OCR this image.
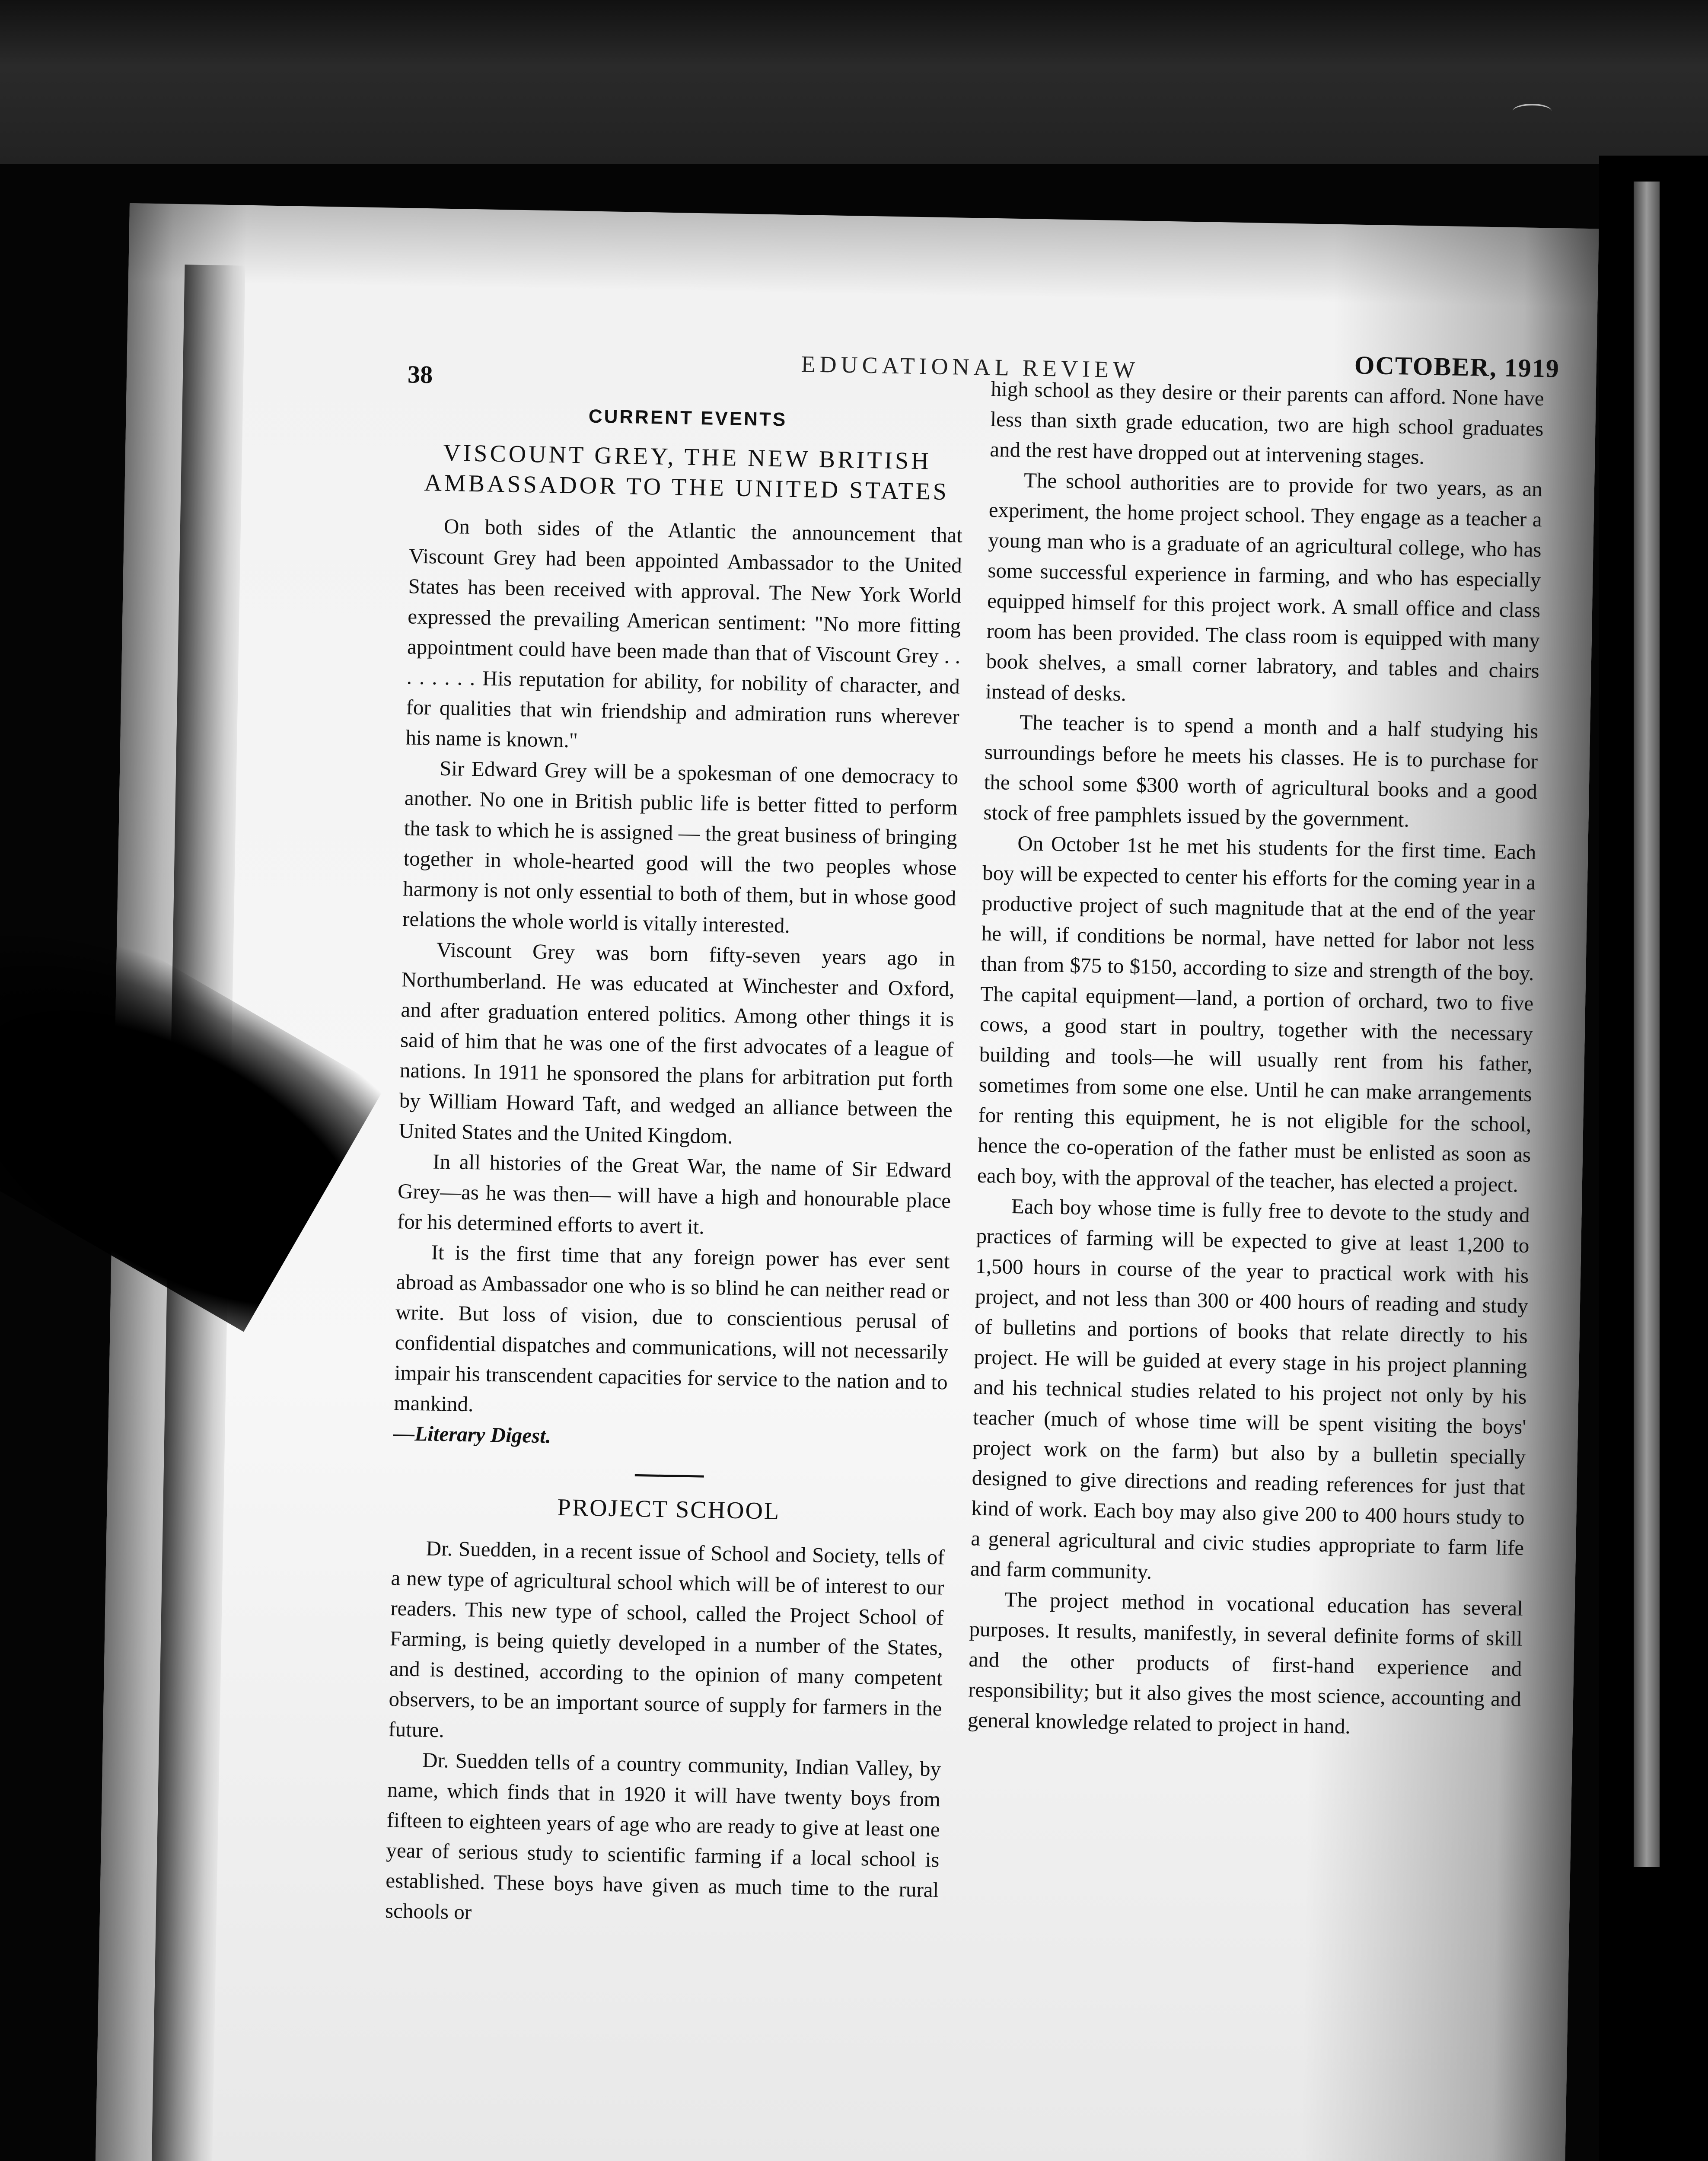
38	EDUCATIONAL REVIEW	OCTOBER, 1919
CURRENT EVENTS
VISCOUNT GREY, THE NEW BRITISH AMBASSADOR TO THE UNITED STATES

On both sides of the Atlantic the announcement that Viscount Grey had been appointed Ambassador to the United States has been received with approval. The New York World expressed the prevailing American sentiment: "No more fitting appointment could have been made than that of Viscount Grey . . . . . . . . His reputation for ability, for nobility of character, and for qualities that win friendship and admiration runs wherever his name is known."

Sir Edward Grey will be a spokesman of one democracy to another. No one in British public life is better fitted to perform the task to which he is assigned — the great business of bringing together in whole-hearted good will the two peoples whose harmony is not only essential to both of them, but in whose good relations the whole world is vitally interested.

Viscount Grey was born fifty-seven years ago in Northumberland. He was educated at Winchester and Oxford, and after graduation entered politics. Among other things it is said of him that he was one of the first advocates of a league of nations. In 1911 he sponsored the plans for arbitration put forth by William Howard Taft, and wedged an alliance between the United States and the United Kingdom.

In all histories of the Great War, the name of Sir Edward Grey—as he was then— will have a high and honourable place for his determined efforts to avert it.

It is the first time that any foreign power has ever sent abroad as Ambassador one who is so blind he can neither read or write. But loss of vision, due to conscientious perusal of confidential dispatches and communications, will not necessarily impair his transcendent capacities for service to the nation and to mankind.

—Literary Digest.

PROJECT SCHOOL

Dr. Suedden, in a recent issue of School and Society, tells of a new type of agricultural school which will be of interest to our readers. This new type of school, called the Project School of Farming, is being quietly developed in a number of the States, and is destined, according to the opinion of many competent observers, to be an important source of supply for farmers in the future.

Dr. Suedden tells of a country community, Indian Valley, by name, which finds that in 1920 it will have twenty boys from fifteen to eighteen years of age who are ready to give at least one year of serious study to scientific farming if a local school is established. These boys have given as much time to the rural schools or

high school as they desire or their parents can afford. None have less than sixth grade education, two are high school graduates and the rest have dropped out at intervening stages.

The school authorities are to provide for two years, as an experiment, the home project school. They engage as a teacher a young man who is a graduate of an agricultural college, who has some successful experience in farming, and who has especially equipped himself for this project work. A small office and class room has been provided. The class room is equipped with many book shelves, a small corner labratory, and tables and chairs instead of desks.

The teacher is to spend a month and a half studying his surroundings before he meets his classes. He is to purchase for the school some $300 worth of agricultural books and a good stock of free pamphlets issued by the government.

On October 1st he met his students for the first time. Each boy will be expected to center his efforts for the coming year in a productive project of such magnitude that at the end of the year he will, if conditions be normal, have netted for labor not less than from $75 to $150, according to size and strength of the boy. The capital equipment—land, a portion of orchard, two to five cows, a good start in poultry, together with the necessary building and tools—he will usually rent from his father, sometimes from some one else. Until he can make arrangements for renting this equipment, he is not eligible for the school, hence the co-operation of the father must be enlisted as soon as each boy, with the approval of the teacher, has elected a project.

Each boy whose time is fully free to devote to the study and practices of farming will be expected to give at least 1,200 to 1,500 hours in course of the year to practical work with his project, and not less than 300 or 400 hours of reading and study of bulletins and portions of books that relate directly to his project. He will be guided at every stage in his project planning and his technical studies related to his project not only by his teacher (much of whose time will be spent visiting the boys' project work on the farm) but also by a bulletin specially designed to give directions and reading references for just that kind of work. Each boy may also give 200 to 400 hours study to a general agricultural and civic studies appropriate to farm life and farm community.

The project method in vocational education has several purposes. It results, manifestly, in several definite forms of skill and the other products of first-hand experience and responsibility; but it also gives the most science, accounting and general knowledge related to project in hand.
